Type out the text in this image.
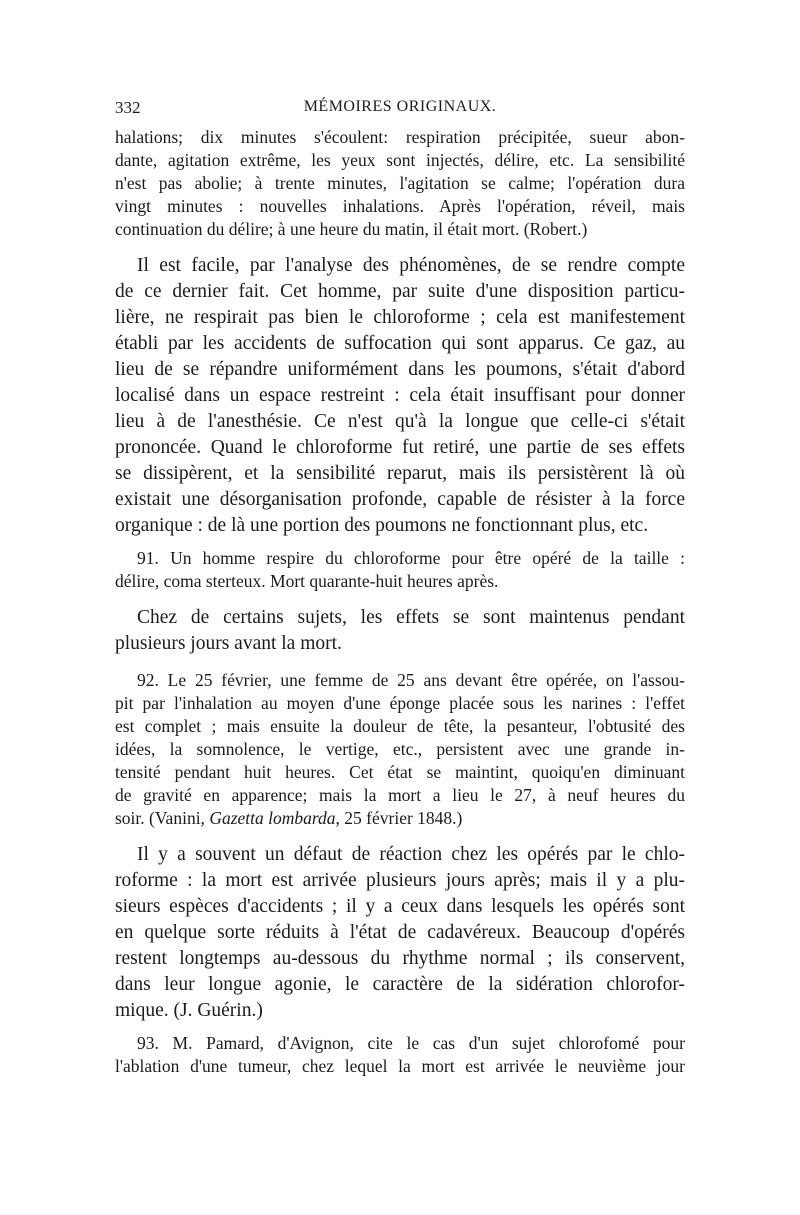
332	MÉMOIRES ORIGINAUX.
halations; dix minutes s'écoulent: respiration précipitée, sueur abon-
dante, agitation extrême, les yeux sont injectés, délire, etc. La sensibilité
n'est pas abolie; à trente minutes, l'agitation se calme; l'opération dura
vingt minutes : nouvelles inhalations. Après l'opération, réveil, mais
continuation du délire; à une heure du matin, il était mort. (Robert.)
Il est facile, par l'analyse des phénomènes, de se rendre compte
de ce dernier fait. Cet homme, par suite d'une disposition particu-
lière, ne respirait pas bien le chloroforme ; cela est manifestement
établi par les accidents de suffocation qui sont apparus. Ce gaz, au
lieu de se répandre uniformément dans les poumons, s'était d'abord
localisé dans un espace restreint : cela était insuffisant pour donner
lieu à de l'anesthésie. Ce n'est qu'à la longue que celle-ci s'était
prononcée. Quand le chloroforme fut retiré, une partie de ses effets
se dissipèrent, et la sensibilité reparut, mais ils persistèrent là où
existait une désorganisation profonde, capable de résister à la force
organique : de là une portion des poumons ne fonctionnant plus, etc.
91. Un homme respire du chloroforme pour être opéré de la taille :
délire, coma sterteux. Mort quarante-huit heures après.
Chez de certains sujets, les effets se sont maintenus pendant
plusieurs jours avant la mort.
92. Le 25 février, une femme de 25 ans devant être opérée, on l'assou-
pit par l'inhalation au moyen d'une éponge placée sous les narines : l'effet
est complet ; mais ensuite la douleur de tête, la pesanteur, l'obtusité des
idées, la somnolence, le vertige, etc., persistent avec une grande in-
tensité pendant huit heures. Cet état se maintint, quoiqu'en diminuant
de gravité en apparence; mais la mort a lieu le 27, à neuf heures du
soir. (Vanini, Gazetta lombarda, 25 février 1848.)
Il y a souvent un défaut de réaction chez les opérés par le chlo-
roforme : la mort est arrivée plusieurs jours après; mais il y a plu-
sieurs espèces d'accidents ; il y a ceux dans lesquels les opérés sont
en quelque sorte réduits à l'état de cadavéreux. Beaucoup d'opérés
restent longtemps au-dessous du rhythme normal ; ils conservent,
dans leur longue agonie, le caractère de la sidération chlorofor-
mique. (J. Guérin.)
93. M. Pamard, d'Avignon, cite le cas d'un sujet chlorofomé pour
l'ablation d'une tumeur, chez lequel la mort est arrivée le neuvième jour
